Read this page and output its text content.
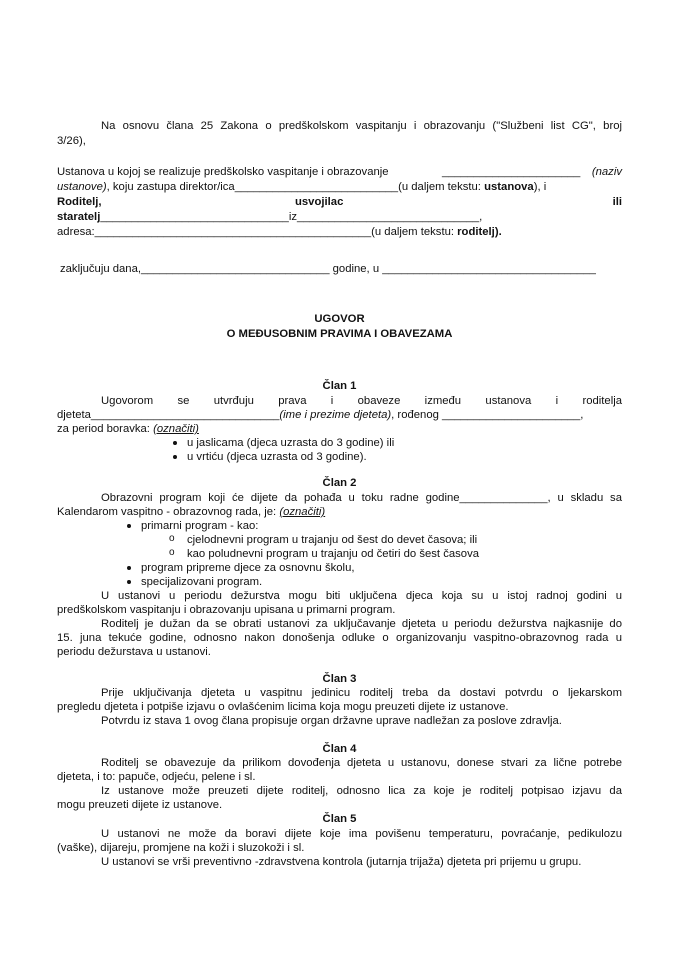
Na osnovu člana 25 Zakona o predškolskom vaspitanju i obrazovanju ("Službeni list CG", broj
3/26),
Ustanova u kojoj se realizuje predškolsko vaspitanje i obrazovanje	______________________ (naziv
ustanove), koju zastupa direktor/ica__________________________(u daljem tekstu: ustanova), i
Roditelj,	usvojilac	ili
staratelj______________________________iz_____________________________,
adresa:____________________________________________(u daljem tekstu: roditelj).
zaključuju dana,______________________________ godine, u __________________________________
UGOVOR
O MEĐUSOBNIM PRAVIMA I OBAVEZAMA
Član 1
Ugovorom se utvrđuju prava i obaveze između ustanova i roditelja
djeteta______________________________(ime i prezime djeteta), rođenog ______________________,
za period boravka: (označiti)
u jaslicama (djeca uzrasta do 3 godine) ili
u vrtiću (djeca uzrasta od 3 godine).
Član 2
Obrazovni program koji će dijete da pohađa u toku radne godine______________, u skladu sa
Kalendarom vaspitno - obrazovnog rada, je: (označiti)
primarni program - kao:
o cjelodnevni program u trajanju od šest do devet časova; ili
o kao poludnevni program u trajanju od četiri do šest časova
program pripreme djece za osnovnu školu,
specijalizovani program.
U ustanovi u periodu dežurstva mogu biti uključena djeca koja su u istoj radnoj godini u
predškolskom vaspitanju i obrazovanju upisana u primarni program.
Roditelj je dužan da se obrati ustanovi za uključavanje djeteta u periodu dežurstva najkasnije do
15. juna tekuće godine, odnosno nakon donošenja odluke o organizovanju vaspitno-obrazovnog rada u
periodu dežurstava u ustanovi.
Član 3
Prije uključivanja djeteta u vaspitnu jedinicu roditelj treba da dostavi potvrdu o ljekarskom
pregledu djeteta i potpiše izjavu o ovlašćenim licima koja mogu preuzeti dijete iz ustanove.
Potvrdu iz stava 1 ovog člana propisuje organ državne uprave nadležan za poslove zdravlja.
Član 4
Roditelj se obavezuje da prilikom dovođenja djeteta u ustanovu, donese stvari za lične potrebe
djeteta, i to: papuče, odjeću, pelene i sl.
Iz ustanove može preuzeti dijete roditelj, odnosno lica za koje je roditelj potpisao izjavu da
mogu preuzeti dijete iz ustanove.
Član 5
U ustanovi ne može da boravi dijete koje ima povišenu temperaturu, povraćanje, pedikulozu
(vaške), dijareju, promjene na koži i sluzokoži i sl.
U ustanovi se vrši preventivno -zdravstvena kontrola (jutarnja trijaža) djeteta pri prijemu u grupu.
